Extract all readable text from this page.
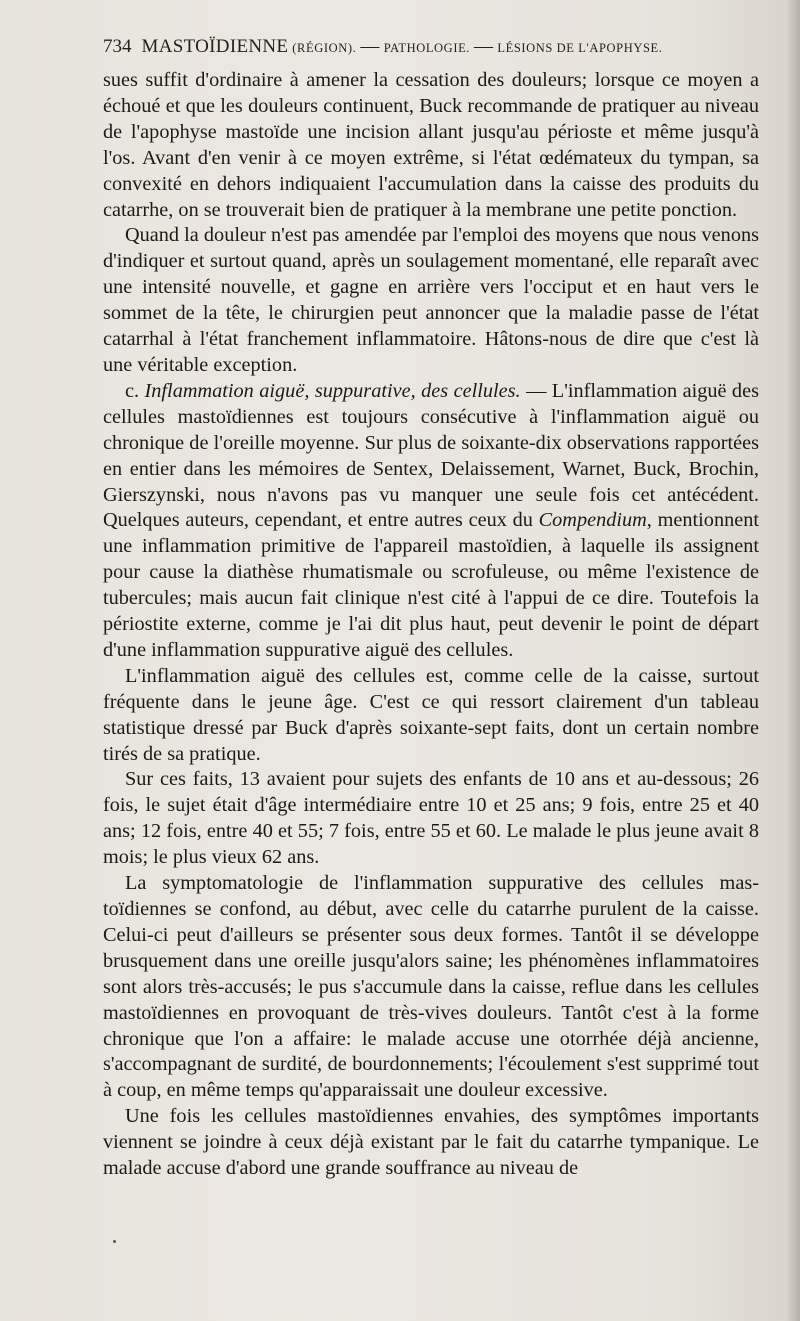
734 MASTOÏDIENNE (RÉGION). — PATHOLOGIE. — LÉSIONS DE L'APOPHYSE.

sues suffit d'ordinaire à amener la cessation des douleurs; lorsque ce moyen a échoué et que les douleurs continuent, Buck recommande de pratiquer au niveau de l'apophyse mastoïde une incision allant jusqu'au périoste et même jusqu'à l'os. Avant d'en venir à ce moyen extrême, si l'état œdémateux du tympan, sa convexité en dehors indiquaient l'accumulation dans la caisse des produits du catarrhe, on se trouverait bien de pratiquer à la membrane une petite ponction.

Quand la douleur n'est pas amendée par l'emploi des moyens que nous venons d'indiquer et surtout quand, après un soulagement momentané, elle reparaît avec une intensité nouvelle, et gagne en arrière vers l'occiput et en haut vers le sommet de la tête, le chirurgien peut annoncer que la maladie passe de l'état catarrhal à l'état franchement inflammatoire. Hâtons-nous de dire que c'est là une véritable exception.

c. Inflammation aiguë, suppurative, des cellules. — L'inflammation aiguë des cellules mastoïdiennes est toujours consécutive à l'inflammation aiguë ou chronique de l'oreille moyenne. Sur plus de soixante-dix observations rapportées en entier dans les mémoires de Sentex, Delaissement, Warnet, Buck, Brochin, Gierszynski, nous n'avons pas vu manquer une seule fois cet antécédent. Quelques auteurs, cependant, et entre autres ceux du Compendium, mentionnent une inflammation primitive de l'appareil mastoïdien, à laquelle ils assignent pour cause la diathèse rhumatismale ou scrofuleuse, ou même l'existence de tubercules; mais aucun fait clinique n'est cité à l'appui de ce dire. Toutefois la périostite externe, comme je l'ai dit plus haut, peut devenir le point de départ d'une inflammation suppurative aiguë des cellules.

L'inflammation aiguë des cellules est, comme celle de la caisse, surtout fréquente dans le jeune âge. C'est ce qui ressort clairement d'un tableau statistique dressé par Buck d'après soixante-sept faits, dont un certain nombre tirés de sa pratique.

Sur ces faits, 13 avaient pour sujets des enfants de 10 ans et au-dessous; 26 fois, le sujet était d'âge intermédiaire entre 10 et 25 ans; 9 fois, entre 25 et 40 ans; 12 fois, entre 40 et 55; 7 fois, entre 55 et 60. Le malade le plus jeune avait 8 mois; le plus vieux 62 ans.

La symptomatologie de l'inflammation suppurative des cellules mastoïdiennes se confond, au début, avec celle du catarrhe purulent de la caisse. Celui-ci peut d'ailleurs se présenter sous deux formes. Tantôt il se développe brusquement dans une oreille jusqu'alors saine; les phénomènes inflammatoires sont alors très-accusés; le pus s'accumule dans la caisse, reflue dans les cellules mastoïdiennes en provoquant de très-vives douleurs. Tantôt c'est à la forme chronique que l'on a affaire: le malade accuse une otorrhée déjà ancienne, s'accompagnant de surdité, de bourdonnements; l'écoulement s'est supprimé tout à coup, en même temps qu'apparaissait une douleur excessive.

Une fois les cellules mastoïdiennes envahies, des symptômes importants viennent se joindre à ceux déjà existant par le fait du catarrhe tympanique. Le malade accuse d'abord une grande souffrance au niveau de
